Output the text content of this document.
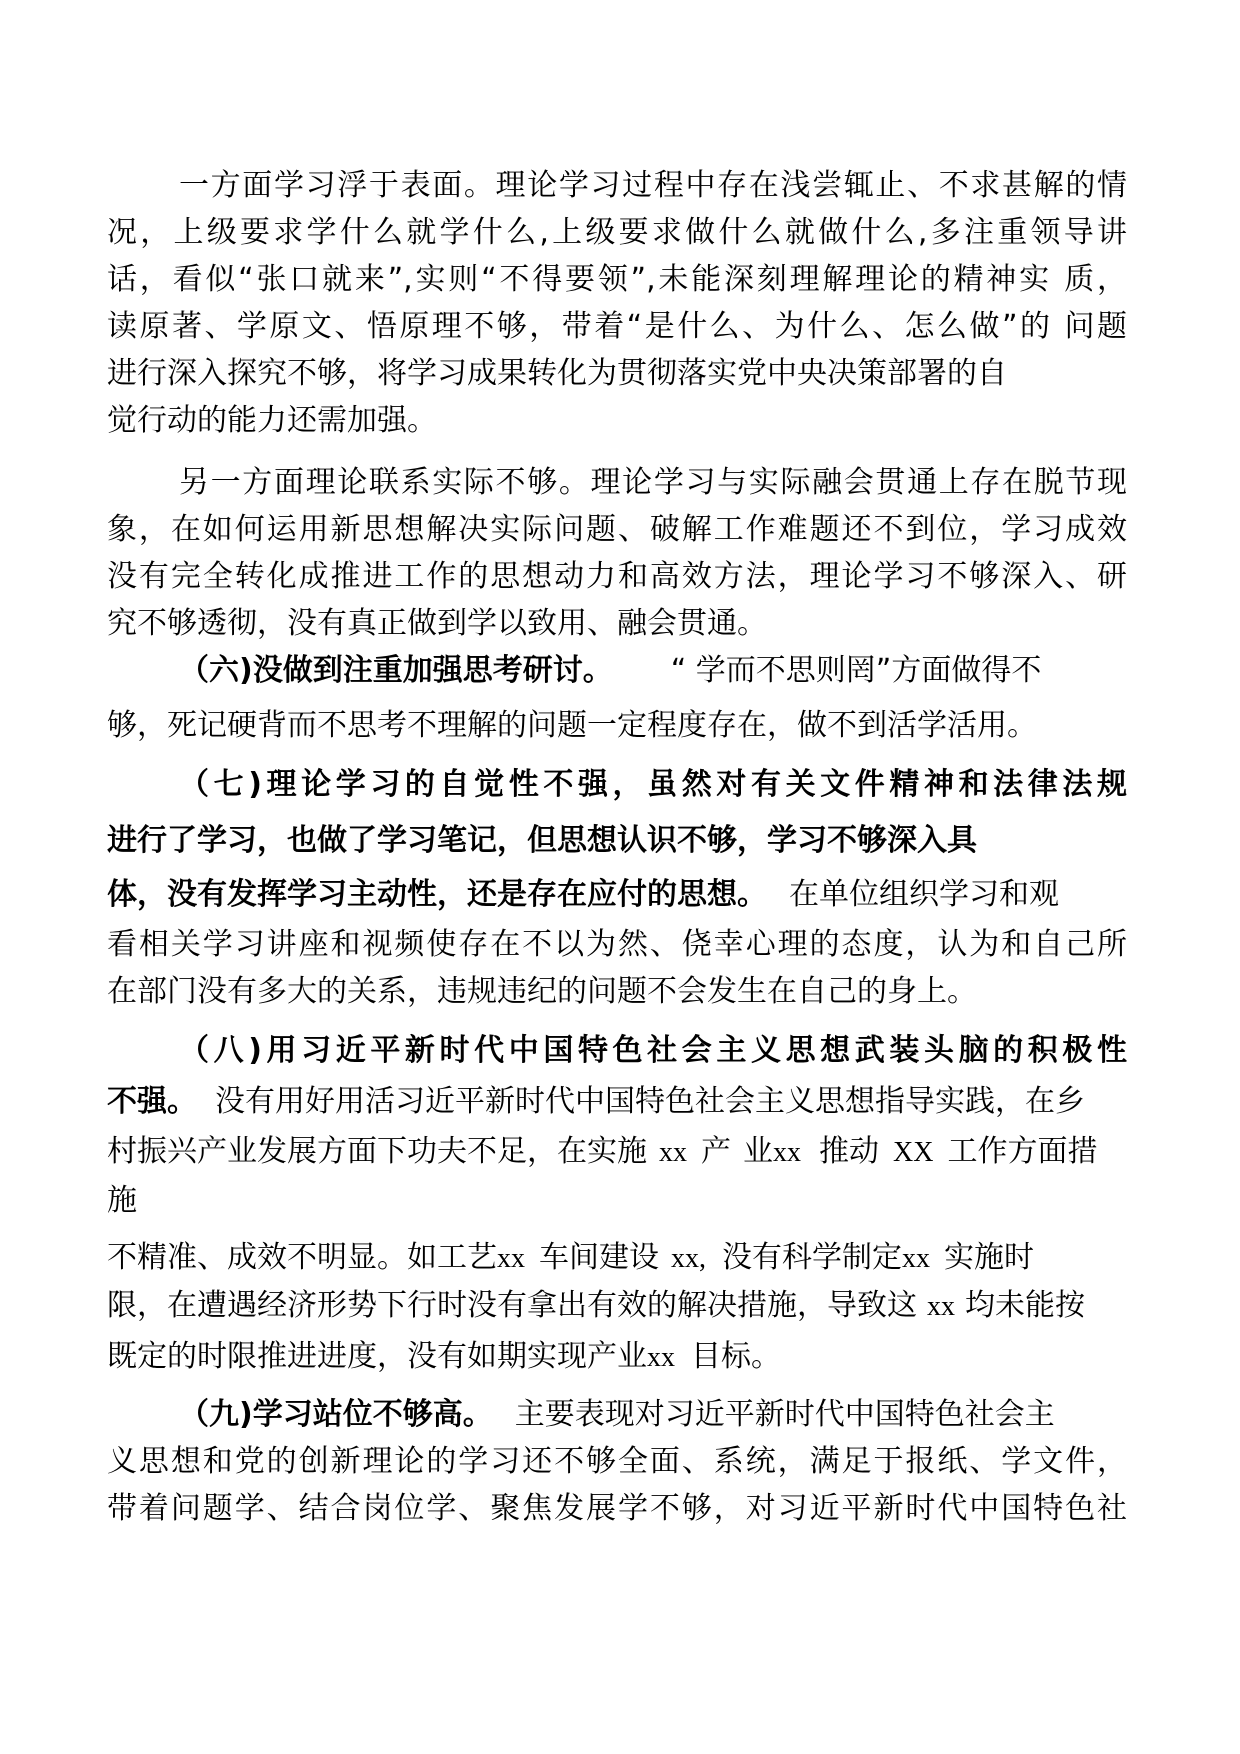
一方面学习浮于表面。理论学习过程中存在浅尝辄止、不求甚解的情
况，上级要求学什么就学什么,上级要求做什么就做什么,多注重领导讲
话，看似“张口就来”,实则“不得要领”,未能深刻理解理论的精神实 质，
读原著、学原文、悟原理不够，带着“是什么、为什么、怎么做”的 问题
进行深入探究不够，将学习成果转化为贯彻落实党中央决策部署的自
觉行动的能力还需加强。
另一方面理论联系实际不够。理论学习与实际融会贯通上存在脱节现
象，在如何运用新思想解决实际问题、破解工作难题还不到位，学习成效
没有完全转化成推进工作的思想动力和高效方法，理论学习不够深入、研
究不够透彻，没有真正做到学以致用、融会贯通。
（六)没做到注重加强思考研讨。 “ 学而不思则罔”方面做得不
够，死记硬背而不思考不理解的问题一定程度存在，做不到活学活用。
（七)理论学习的自觉性不强，虽然对有关文件精神和法律法规
进行了学习，也做了学习笔记，但思想认识不够，学习不够深入具
体，没有发挥学习主动性，还是存在应付的思想。 在单位组织学习和观
看相关学习讲座和视频使存在不以为然、侥幸心理的态度，认为和自己所
在部门没有多大的关系，违规违纪的问题不会发生在自己的身上。
（八)用习近平新时代中国特色社会主义思想武装头脑的积极性
不强。 没有用好用活习近平新时代中国特色社会主义思想指导实践，在乡
村振兴产业发展方面下功夫不足，在实施 xx 产 业xx 推动 XX 工作方面措
施
不精准、成效不明显。如工艺xx 车间建设 xx, 没有科学制定xx 实施时
限，在遭遇经济形势下行时没有拿出有效的解决措施，导致这 xx 均未能按
既定的时限推进进度，没有如期实现产业xx 目标。
（九)学习站位不够高。 主要表现对习近平新时代中国特色社会主
义思想和党的创新理论的学习还不够全面、系统，满足于报纸、学文件，
带着问题学、结合岗位学、聚焦发展学不够，对习近平新时代中国特色社
